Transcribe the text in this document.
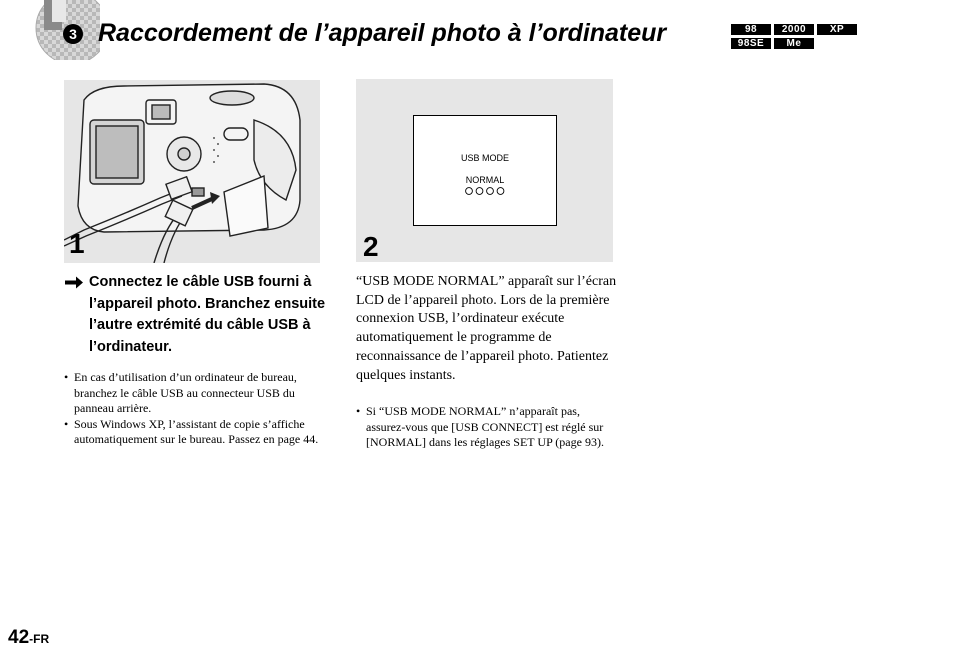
3 Raccordement de l’appareil photo à l’ordinateur	98	2000	XP
98SE	Me
1
USB MODE
NORMAL
2
Connectez le câble USB fourni à l’appareil photo. Branchez ensuite l’autre extrémité du câble USB à l’ordinateur.
• En cas d’utilisation d’un ordinateur de bureau, branchez le câble USB au connecteur USB du panneau arrière.
• Sous Windows XP, l’assistant de copie s’affiche automatiquement sur le bureau. Passez en page 44.

“USB MODE NORMAL” apparaît sur l’écran LCD de l’appareil photo. Lors de la première connexion USB, l’ordinateur exécute automatiquement le programme de reconnaissance de l’appareil photo. Patientez quelques instants.

• Si “USB MODE NORMAL” n’apparaît pas, assurez-vous que [USB CONNECT] est réglé sur [NORMAL] dans les réglages SET UP (page 93).
42-FR
